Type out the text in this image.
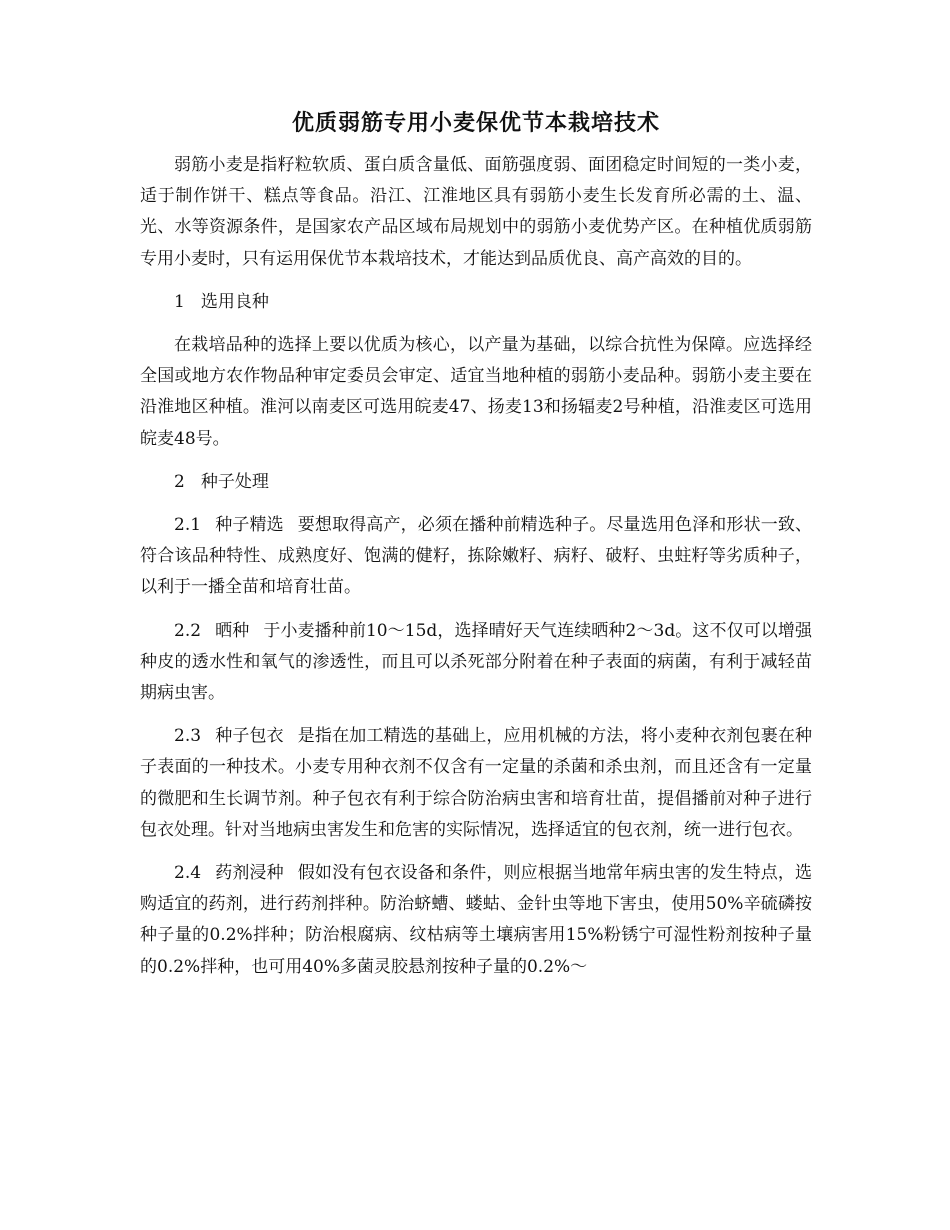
优质弱筋专用小麦保优节本栽培技术

弱筋小麦是指籽粒软质、蛋白质含量低、面筋强度弱、面团稳定时间短的一类小麦，适于制作饼干、糕点等食品。沿江、江淮地区具有弱筋小麦生长发育所必需的土、温、光、水等资源条件，是国家农产品区域布局规划中的弱筋小麦优势产区。在种植优质弱筋专用小麦时，只有运用保优节本栽培技术，才能达到品质优良、高产高效的目的。

1 选用良种

在栽培品种的选择上要以优质为核心，以产量为基础，以综合抗性为保障。应选择经全国或地方农作物品种审定委员会审定、适宜当地种植的弱筋小麦品种。弱筋小麦主要在沿淮地区种植。淮河以南麦区可选用皖麦47、扬麦13和扬辐麦2号种植，沿淮麦区可选用皖麦48号。

2 种子处理

2.1 种子精选 要想取得高产，必须在播种前精选种子。尽量选用色泽和形状一致、符合该品种特性、成熟度好、饱满的健籽，拣除嫩籽、病籽、破籽、虫蛀籽等劣质种子，以利于一播全苗和培育壮苗。

2.2 晒种 于小麦播种前10～15d，选择晴好天气连续晒种2～3d。这不仅可以增强种皮的透水性和氧气的渗透性，而且可以杀死部分附着在种子表面的病菌，有利于减轻苗期病虫害。

2.3 种子包衣 是指在加工精选的基础上，应用机械的方法，将小麦种衣剂包裹在种子表面的一种技术。小麦专用种衣剂不仅含有一定量的杀菌和杀虫剂，而且还含有一定量的微肥和生长调节剂。种子包衣有利于综合防治病虫害和培育壮苗，提倡播前对种子进行包衣处理。针对当地病虫害发生和危害的实际情况，选择适宜的包衣剂，统一进行包衣。

2.4 药剂浸种 假如没有包衣设备和条件，则应根据当地常年病虫害的发生特点，选购适宜的药剂，进行药剂拌种。防治蛴螬、蝼蛄、金针虫等地下害虫，使用50%辛硫磷按种子量的0.2%拌种；防治根腐病、纹枯病等土壤病害用15%粉锈宁可湿性粉剂按种子量的0.2%拌种，也可用40%多菌灵胶悬剂按种子量的0.2%～
